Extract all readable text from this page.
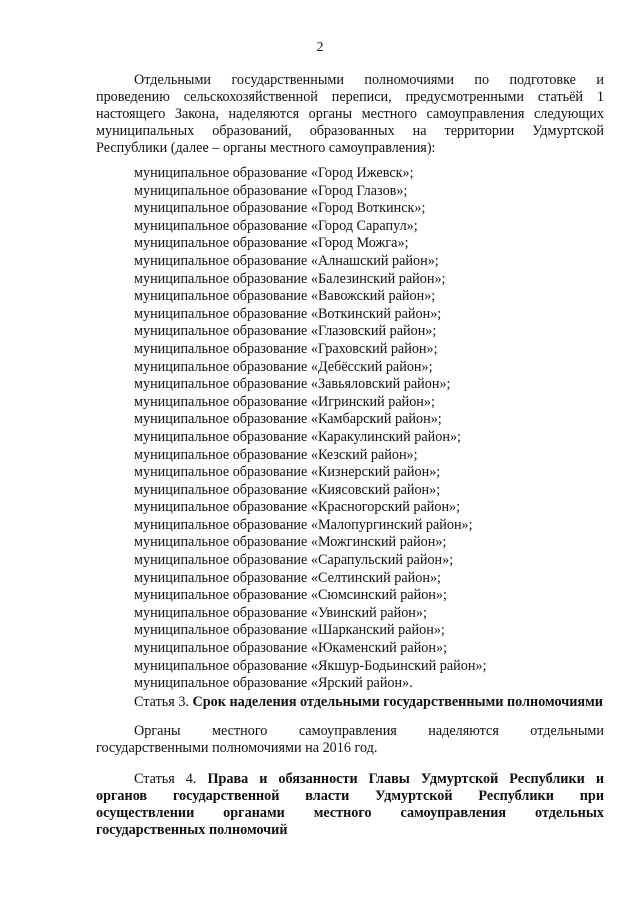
2
Отдельными государственными полномочиями по подготовке и
проведению сельскохозяйственной переписи, предусмотренными статьёй 1
настоящего Закона, наделяются органы местного самоуправления следующих
муниципальных образований, образованных на территории Удмуртской
Республики (далее – органы местного самоуправления):
муниципальное образование «Город Ижевск»;
муниципальное образование «Город Глазов»;
муниципальное образование «Город Воткинск»;
муниципальное образование «Город Сарапул»;
муниципальное образование «Город Можга»;
муниципальное образование «Алнашский район»;
муниципальное образование «Балезинский район»;
муниципальное образование «Вавожский район»;
муниципальное образование «Воткинский район»;
муниципальное образование «Глазовский район»;
муниципальное образование «Граховский район»;
муниципальное образование «Дебёсский район»;
муниципальное образование «Завьяловский район»;
муниципальное образование «Игринский район»;
муниципальное образование «Камбарский район»;
муниципальное образование «Каракулинский район»;
муниципальное образование «Кезский район»;
муниципальное образование «Кизнерский район»;
муниципальное образование «Киясовский район»;
муниципальное образование «Красногорский район»;
муниципальное образование «Малопургинский район»;
муниципальное образование «Можгинский район»;
муниципальное образование «Сарапульский район»;
муниципальное образование «Селтинский район»;
муниципальное образование «Сюмсинский район»;
муниципальное образование «Увинский район»;
муниципальное образование «Шарканский район»;
муниципальное образование «Юкаменский район»;
муниципальное образование «Якшур-Бодьинский район»;
муниципальное образование «Ярский район».
Статья 3. Срок наделения отдельными государственными полномочиями
Органы местного самоуправления наделяются отдельными
государственными полномочиями на 2016 год.
Статья 4. Права и обязанности Главы Удмуртской Республики и
органов государственной власти Удмуртской Республики при
осуществлении органами местного самоуправления отдельных
государственных полномочий
